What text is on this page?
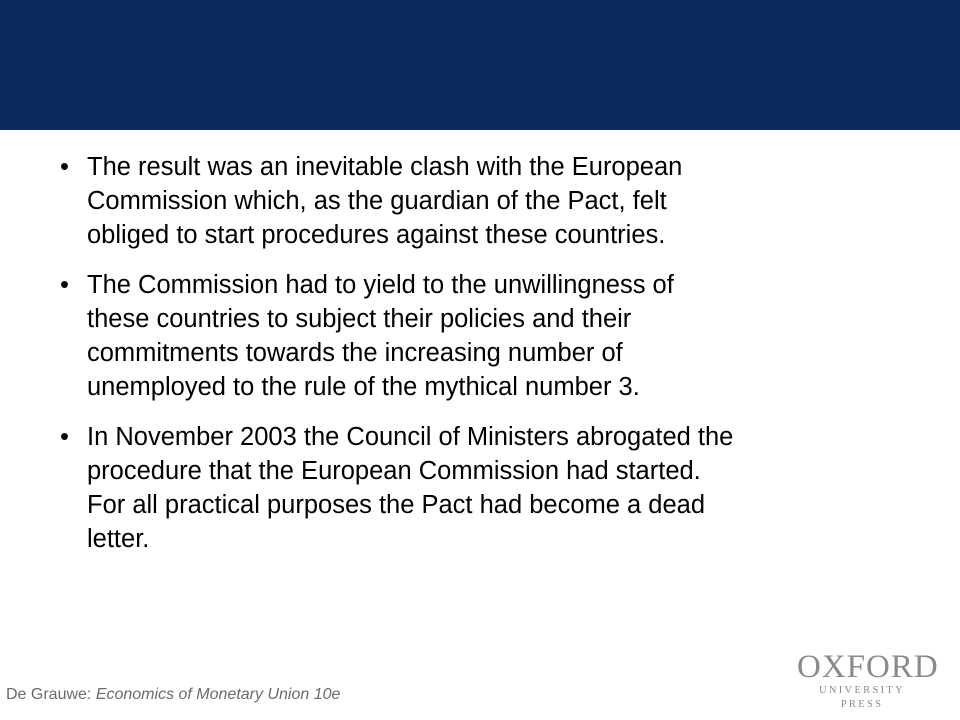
• The result was an inevitable clash with the European
Commission which, as the guardian of the Pact, felt
obliged to start procedures against these countries.
• The Commission had to yield to the unwillingness of
these countries to subject their policies and their
commitments towards the increasing number of
unemployed to the rule of the mythical number 3.
• In November 2003 the Council of Ministers abrogated the
procedure that the European Commission had started.
For all practical purposes the Pact had become a dead
letter.
De Grauwe: Economics of Monetary Union 10e
OXFORD
UNIVERSITY PRESS
